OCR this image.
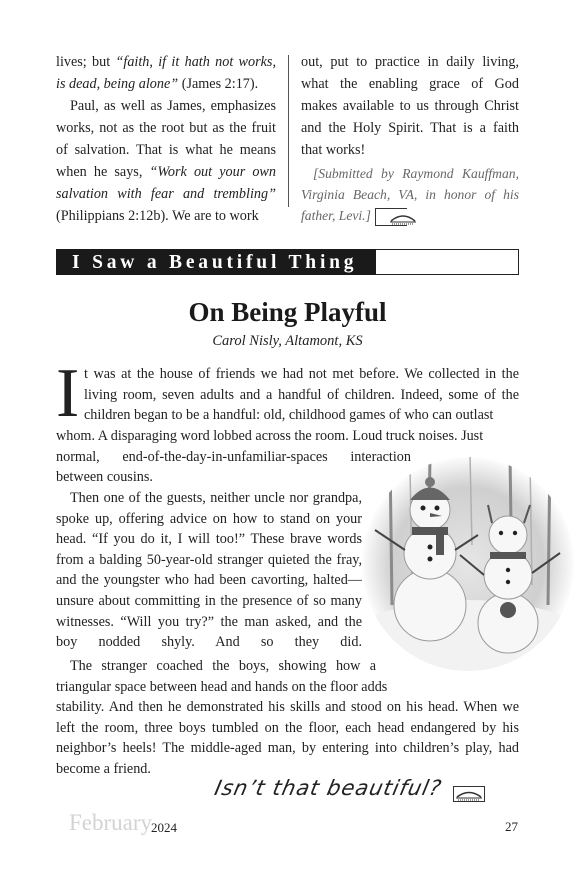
lives; but “faith, if it hath not works, is dead, being alone” (James 2:17).

Paul, as well as James, emphasizes works, not as the root but as the fruit of salvation. That is what he means when he says, “Work out your own salvation with fear and trembling” (Philippians 2:12b). We are to work

out, put to practice in daily living, what the enabling grace of God makes available to us through Christ and the Holy Spirit. That is a faith that works!

[Submitted by Raymond Kauffman, Virginia Beach, VA, in honor of his father, Levi.]

I Saw a Beautiful Thing
On Being Playful
Carol Nisly, Altamont, KS
I t was at the house of friends we had not met before. We collected in the living room, seven adults and a handful of children. Indeed, some of the children began to be a handful: old, childhood games of who can outlast
whom. A disparaging word lobbed across the room. Loud truck noises. Just
normal, end-of-the-day-in-unfamiliar-spaces interaction
between cousins.
Then one of the guests, neither uncle nor grandpa, spoke up, offering advice on how to stand on your head. “If you do it, I will too!” These brave words from a balding 50-year-old stranger quieted the fray, and the youngster who had been cavorting, halted—unsure about committing in the presence of so many witnesses. “Will you try?” the man asked, and the boy nodded shyly. And so they did.
The stranger coached the boys, showing how a
triangular space between head and hands on the floor adds
stability. And then he demonstrated his skills and stood on his head. When we left the room, three boys tumbled on the floor, each head endangered by his neighbor’s heels! The middle-aged man, by entering into children’s play, had become a friend.
Isn’t that beautiful?
February
2024	27
